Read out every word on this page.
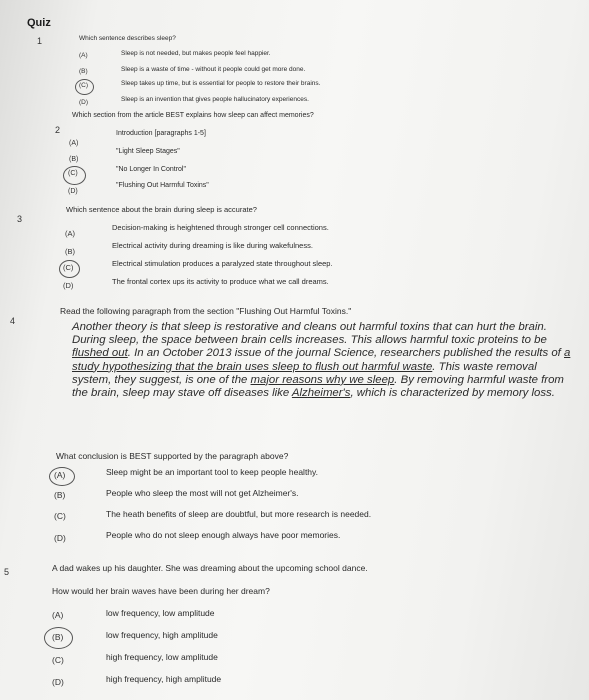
Quiz
1	Which sentence describes sleep?
(A)	Sleep is not needed, but makes people feel happier.
(B)	Sleep is a waste of time - without it people could get more done.
(C)	Sleep takes up time, but is essential for people to restore their brains.
(D)	Sleep is an invention that gives people hallucinatory experiences.
2
Which section from the article BEST explains how sleep can affect memories?
(A)
Introduction [paragraphs 1-5]
(B)
"Light Sleep Stages"
(C)
"No Longer In Control"
(D)
"Flushing Out Harmful Toxins"
3
Which sentence about the brain during sleep is accurate?
(A)
Decision-making is heightened through stronger cell connections.
(B)
Electrical activity during dreaming is like during wakefulness.
(C)	Electrical stimulation produces a paralyzed state throughout sleep.
(D)	The frontal cortex ups its activity to produce what we call dreams.
4
Read the following paragraph from the section "Flushing Out Harmful Toxins."
Another theory is that sleep is restorative and cleans out harmful toxins that can hurt the brain. During sleep, the space between brain cells increases. This allows harmful toxic proteins to be flushed out. In an October 2013 issue of the journal Science, researchers published the results of a study hypothesizing that the brain uses sleep to flush out harmful waste. This waste removal system, they suggest, is one of the major reasons why we sleep. By removing harmful waste from the brain, sleep may stave off diseases like Alzheimer's, which is characterized by memory loss.
What conclusion is BEST supported by the paragraph above?
(A)	Sleep might be an important tool to keep people healthy.
(B)	People who sleep the most will not get Alzheimer's.
(C)	The heath benefits of sleep are doubtful, but more research is needed.
(D)	People who do not sleep enough always have poor memories.
5	A dad wakes up his daughter. She was dreaming about the upcoming school dance.
How would her brain waves have been during her dream?
(A)	low frequency, low amplitude
(B)	low frequency, high amplitude
(C)	high frequency, low amplitude
(D)	high frequency, high amplitude
